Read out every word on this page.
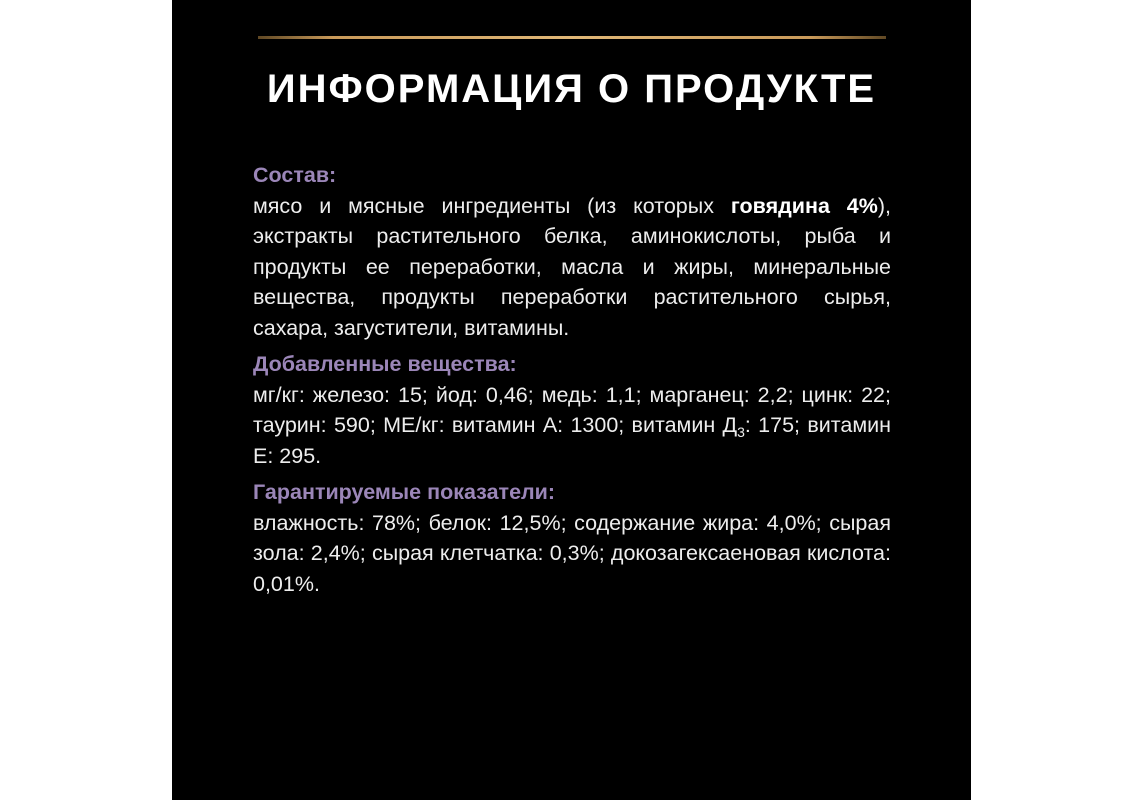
ИНФОРМАЦИЯ О ПРОДУКТЕ

Состав:

мясо и мясные ингредиенты (из которых говядина 4%), экстракты растительного белка, аминокислоты, рыба и продукты ее переработки, масла и жиры, минеральные вещества, продукты переработки растительного сырья, сахара, загустители, витамины.

Добавленные вещества:

мг/кг: железо: 15; йод: 0,46; медь: 1,1; марганец: 2,2; цинк: 22; таурин: 590; МЕ/кг: витамин А: 1300; витамин $Д_3$: 175; витамин Е: 295.

Гарантируемые показатели:

влажность: 78%; белок: 12,5%; содержание жира: 4,0%; сырая зола: 2,4%; сырая клетчатка: 0,3%; докозагексаеновая кислота: 0,01%.
